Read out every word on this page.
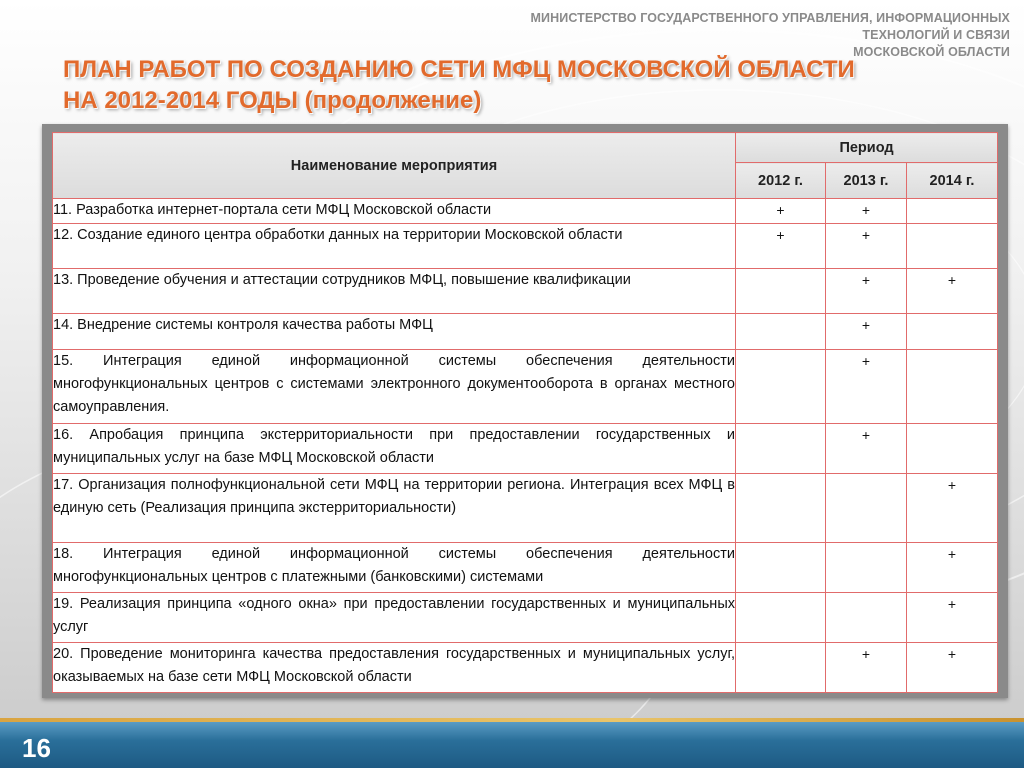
МИНИСТЕРСТВО ГОСУДАРСТВЕННОГО УПРАВЛЕНИЯ, ИНФОРМАЦИОННЫХ ТЕХНОЛОГИЙ И СВЯЗИ
МОСКОВСКОЙ ОБЛАСТИ
ПЛАН РАБОТ ПО СОЗДАНИЮ СЕТИ МФЦ МОСКОВСКОЙ ОБЛАСТИ
НА 2012-2014 ГОДЫ (продолжение)
Наименование мероприятия	Период		
	2012 г.	2013 г.	2014 г.
11. Разработка интернет-портала сети МФЦ Московской области	+	+	
12. Создание единого центра обработки данных на территории Московской области	+	+	
13. Проведение обучения и аттестации сотрудников МФЦ, повышение квалификации		+	+
14. Внедрение системы контроля качества работы МФЦ		+	
15. Интеграция единой информационной системы обеспечения деятельности многофункциональных центров с системами электронного документооборота в органах местного самоуправления.		+	
16. Апробация принципа экстерриториальности при предоставлении государственных и муниципальных услуг на базе МФЦ Московской области		+	
17. Организация полнофункциональной сети МФЦ на территории региона. Интеграция всех МФЦ в единую сеть (Реализация принципа экстерриториальности)			+
18. Интеграция единой информационной системы обеспечения деятельности многофункциональных центров с платежными (банковскими) системами			+
19. Реализация принципа «одного окна» при предоставлении государственных и муниципальных услуг			+
20. Проведение мониторинга качества предоставления государственных и муниципальных услуг, оказываемых на базе сети МФЦ Московской области		+	+
16
